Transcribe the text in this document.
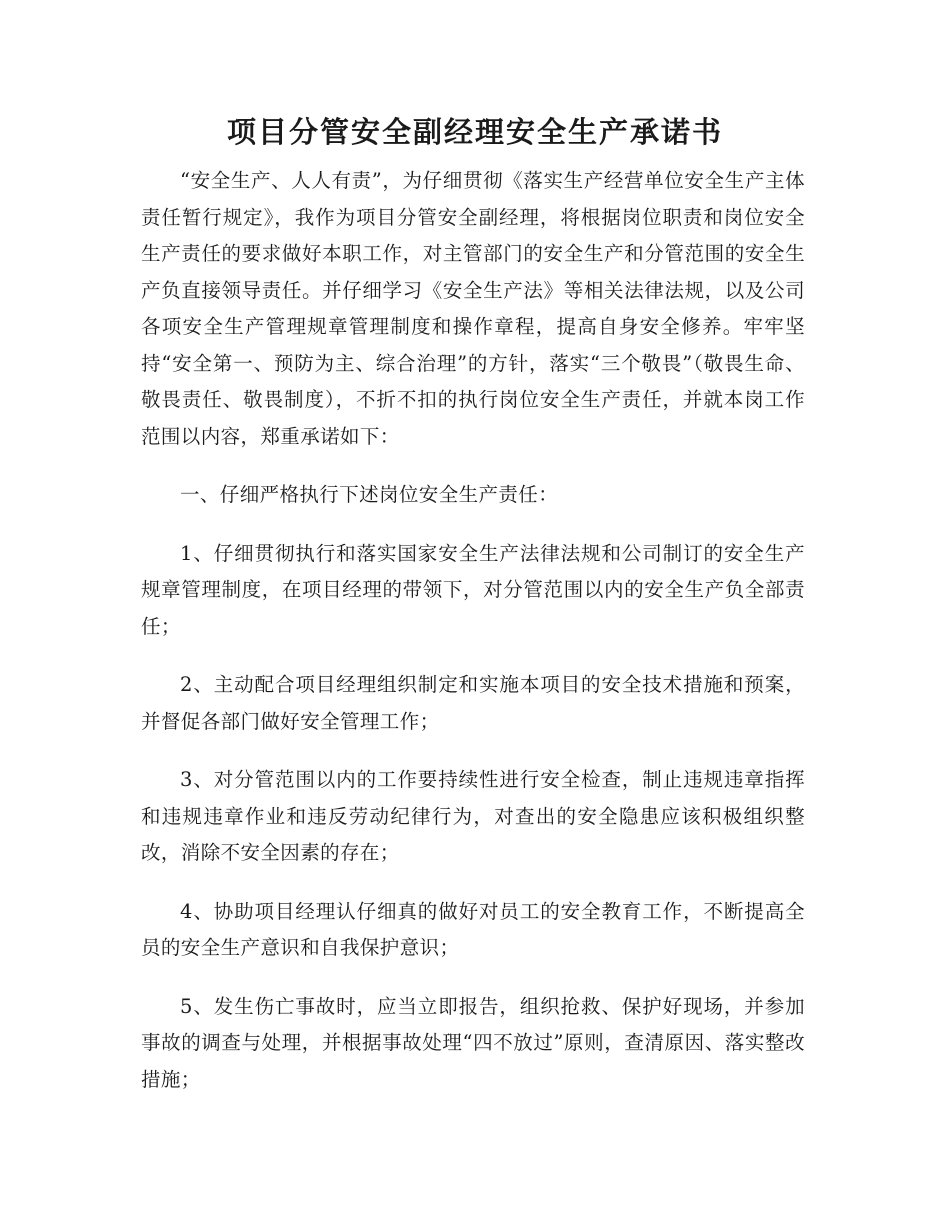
项目分管安全副经理安全生产承诺书

“安全生产、人人有责”，为仔细贯彻《落实生产经营单位安全生产主体责任暂行规定》，我作为项目分管安全副经理，将根据岗位职责和岗位安全生产责任的要求做好本职工作，对主管部门的安全生产和分管范围的安全生产负直接领导责任。并仔细学习《安全生产法》等相关法律法规，以及公司各项安全生产管理规章管理制度和操作章程，提高自身安全修养。牢牢坚持“安全第一、预防为主、综合治理”的方针，落实“三个敬畏”（敬畏生命、敬畏责任、敬畏制度），不折不扣的执行岗位安全生产责任，并就本岗工作范围以内容，郑重承诺如下：

一、仔细严格执行下述岗位安全生产责任：

1、仔细贯彻执行和落实国家安全生产法律法规和公司制订的安全生产规章管理制度，在项目经理的带领下，对分管范围以内的安全生产负全部责任；

2、主动配合项目经理组织制定和实施本项目的安全技术措施和预案，并督促各部门做好安全管理工作；

3、对分管范围以内的工作要持续性进行安全检查，制止违规违章指挥和违规违章作业和违反劳动纪律行为，对查出的安全隐患应该积极组织整改，消除不安全因素的存在；

4、协助项目经理认仔细真的做好对员工的安全教育工作，不断提高全员的安全生产意识和自我保护意识；

5、发生伤亡事故时，应当立即报告，组织抢救、保护好现场，并参加事故的调查与处理，并根据事故处理“四不放过”原则，查清原因、落实整改措施；
